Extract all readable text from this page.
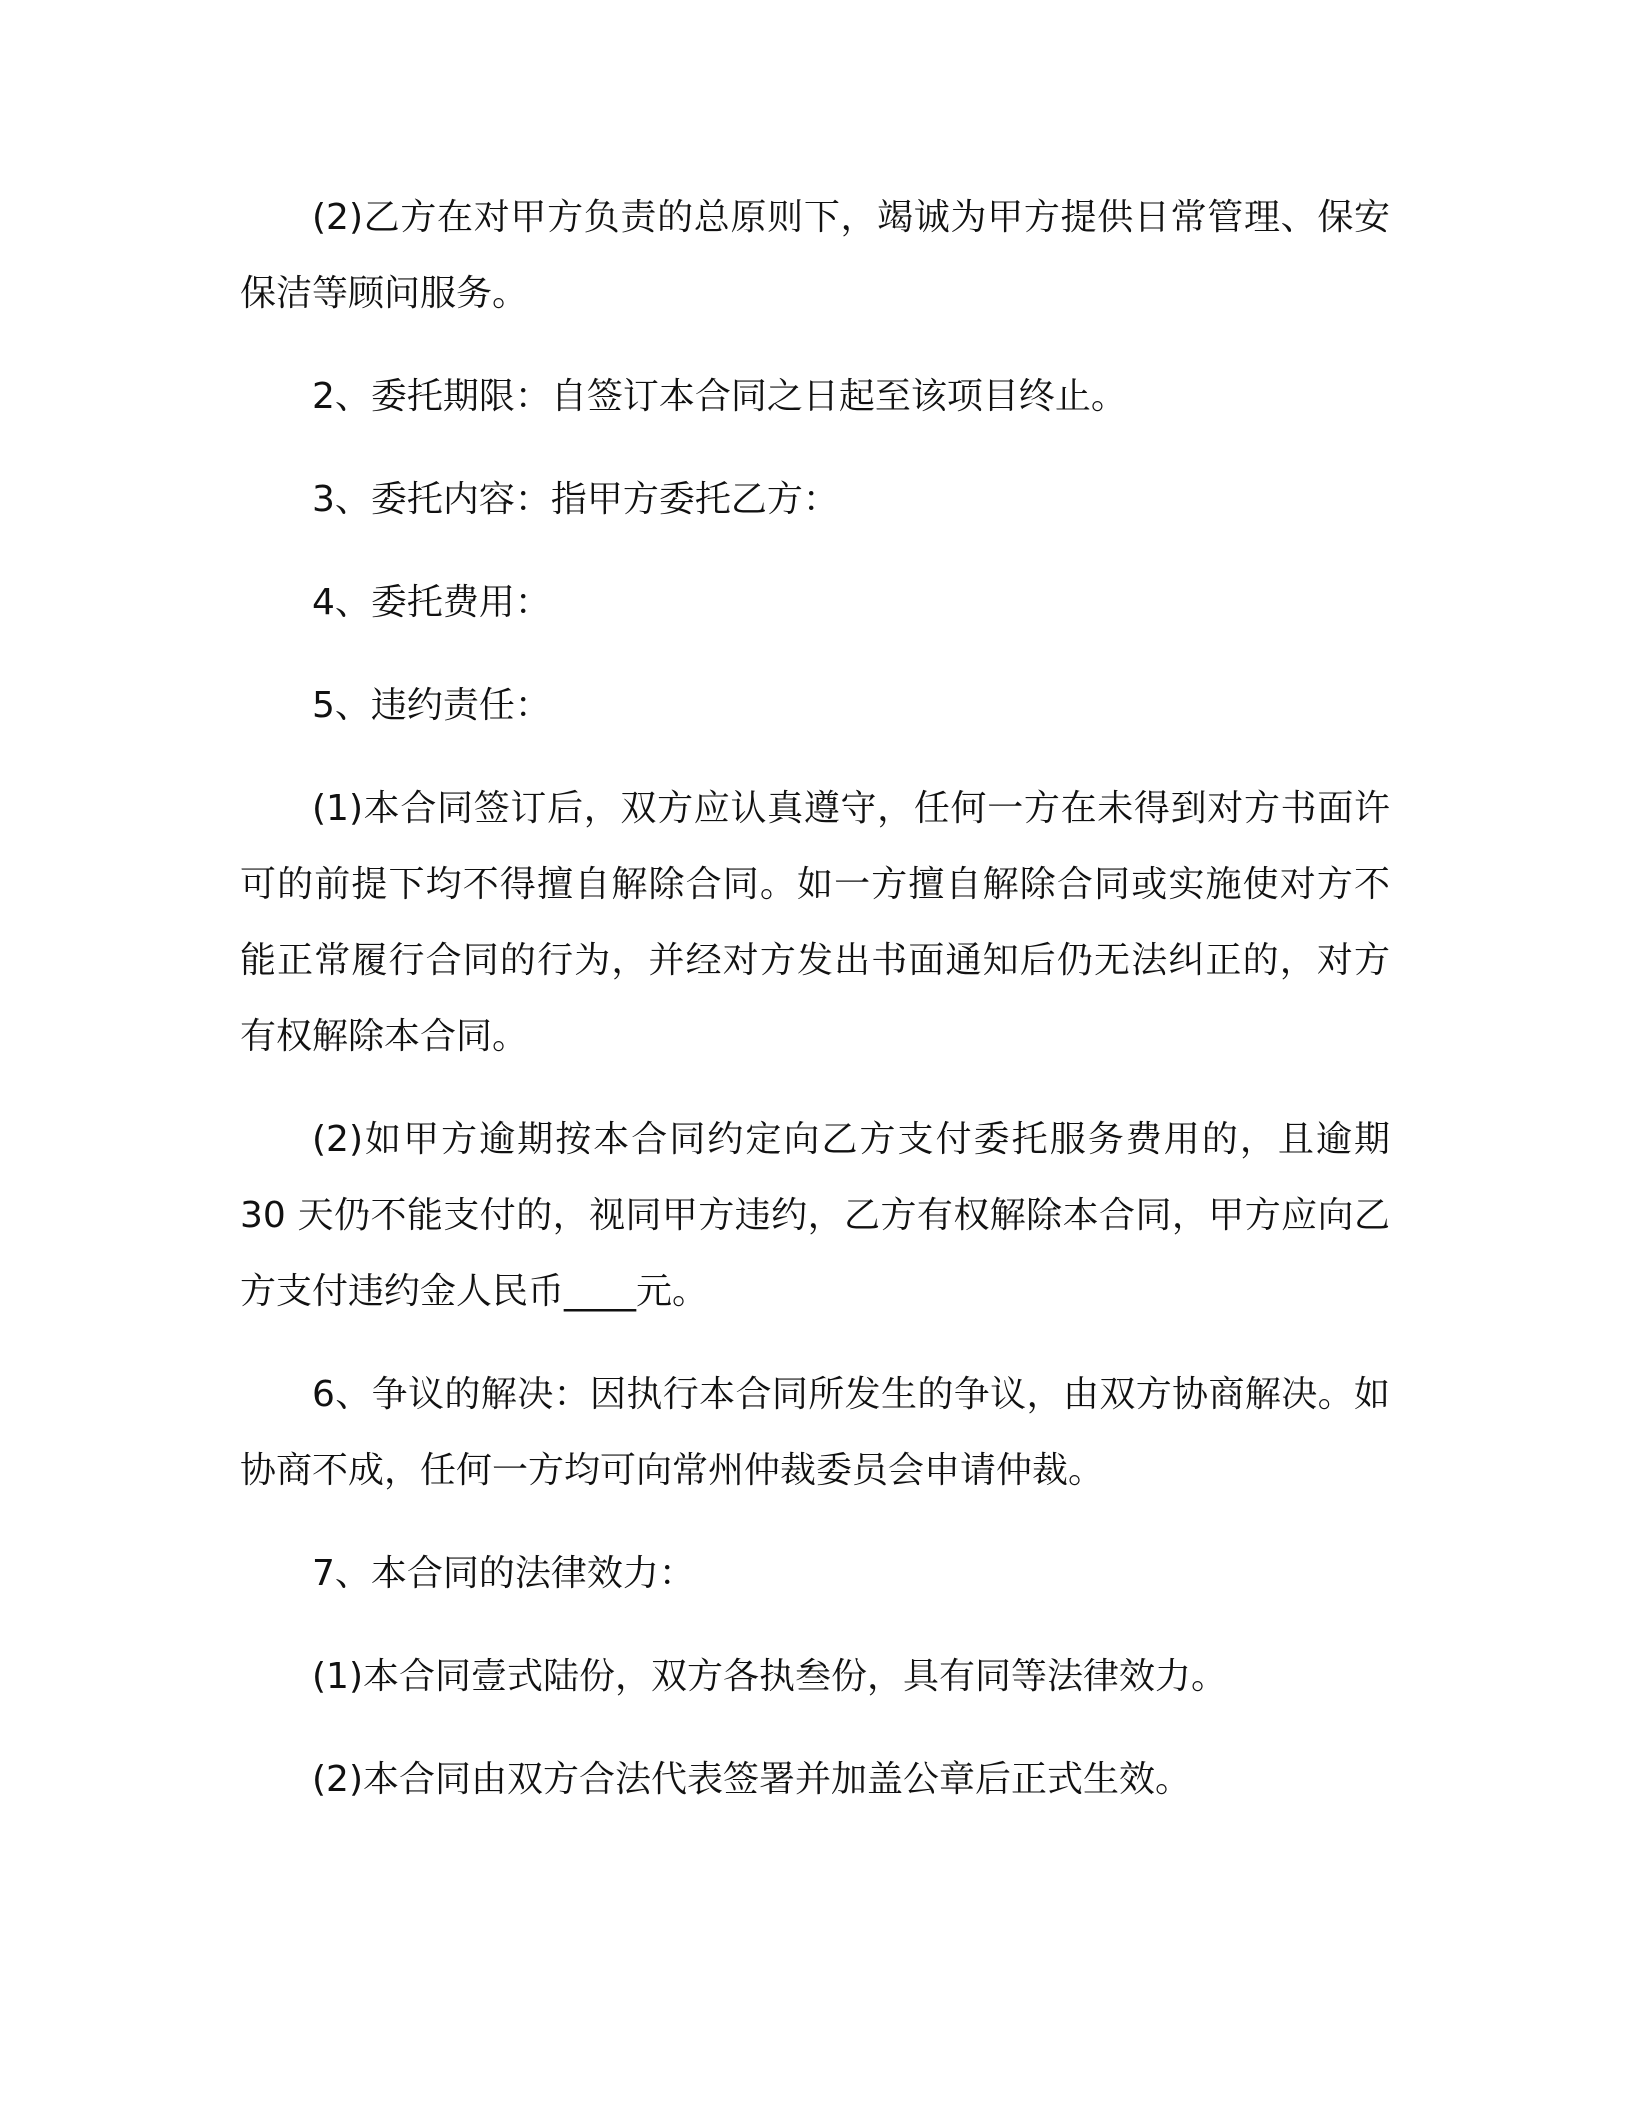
(2)乙方在对甲方负责的总原则下，竭诚为甲方提供日常管理、保安保洁等顾问服务。

2、委托期限：自签订本合同之日起至该项目终止。

3、委托内容：指甲方委托乙方：

4、委托费用：

5、违约责任：

(1)本合同签订后，双方应认真遵守，任何一方在未得到对方书面许可的前提下均不得擅自解除合同。如一方擅自解除合同或实施使对方不能正常履行合同的行为，并经对方发出书面通知后仍无法纠正的，对方有权解除本合同。

(2)如甲方逾期按本合同约定向乙方支付委托服务费用的，且逾期 30 天仍不能支付的，视同甲方违约，乙方有权解除本合同，甲方应向乙方支付违约金人民币____元。

6、争议的解决：因执行本合同所发生的争议，由双方协商解决。如协商不成，任何一方均可向常州仲裁委员会申请仲裁。

7、本合同的法律效力：

(1)本合同壹式陆份，双方各执叁份，具有同等法律效力。

(2)本合同由双方合法代表签署并加盖公章后正式生效。
